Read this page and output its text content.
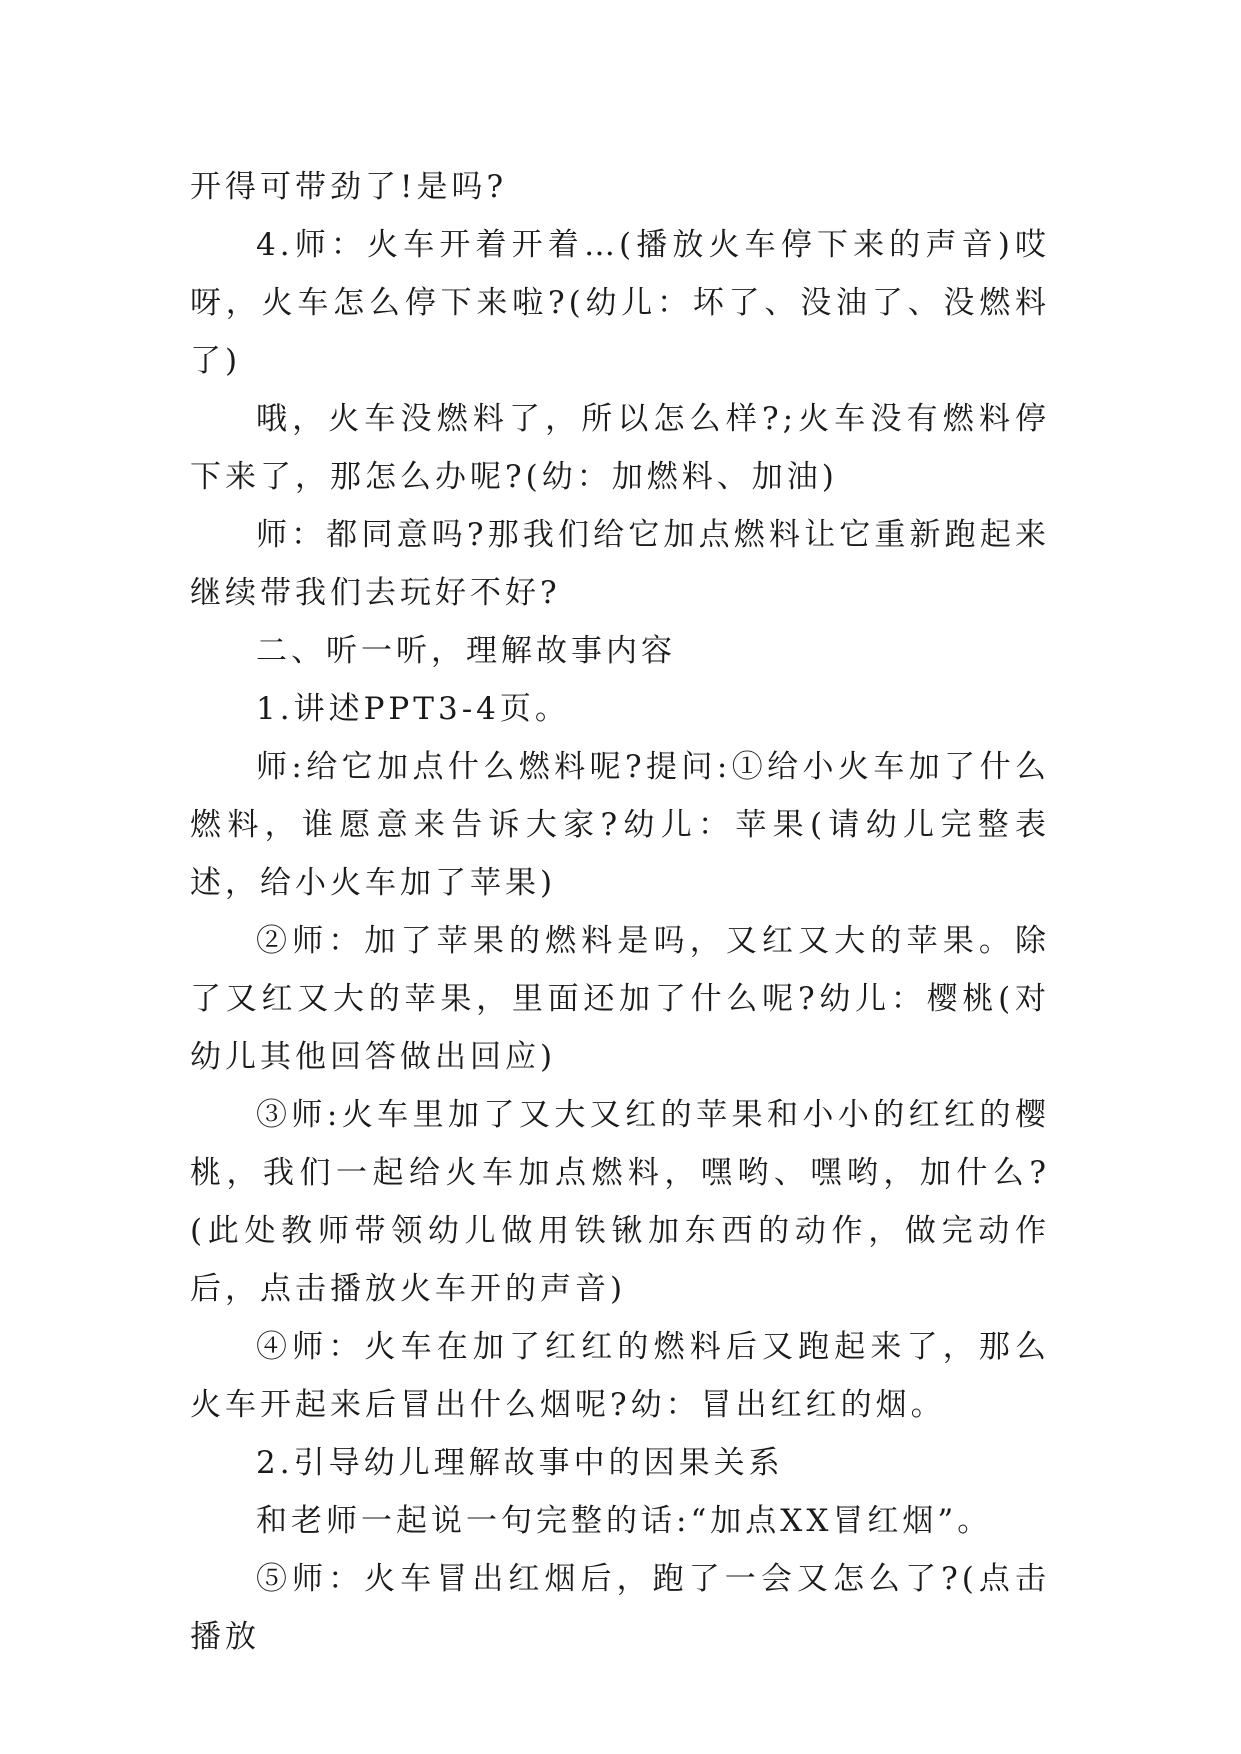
开得可带劲了!是吗?

4.师：火车开着开着…(播放火车停下来的声音)哎呀，火车怎么停下来啦?(幼儿：坏了、没油了、没燃料了)

哦，火车没燃料了，所以怎么样?;火车没有燃料停下来了，那怎么办呢?(幼：加燃料、加油)

师：都同意吗?那我们给它加点燃料让它重新跑起来继续带我们去玩好不好?

二、听一听，理解故事内容

1.讲述PPT3-4页。

师:给它加点什么燃料呢?提问:①给小火车加了什么燃料，谁愿意来告诉大家?幼儿：苹果(请幼儿完整表述，给小火车加了苹果)

②师：加了苹果的燃料是吗，又红又大的苹果。除了又红又大的苹果，里面还加了什么呢?幼儿：樱桃(对幼儿其他回答做出回应)

③师:火车里加了又大又红的苹果和小小的红红的樱桃，我们一起给火车加点燃料，嘿哟、嘿哟，加什么?(此处教师带领幼儿做用铁锹加东西的动作，做完动作后，点击播放火车开的声音)

④师：火车在加了红红的燃料后又跑起来了，那么火车开起来后冒出什么烟呢?幼：冒出红红的烟。

2.引导幼儿理解故事中的因果关系

和老师一起说一句完整的话:“加点XX冒红烟”。

⑤师：火车冒出红烟后，跑了一会又怎么了?(点击播放
